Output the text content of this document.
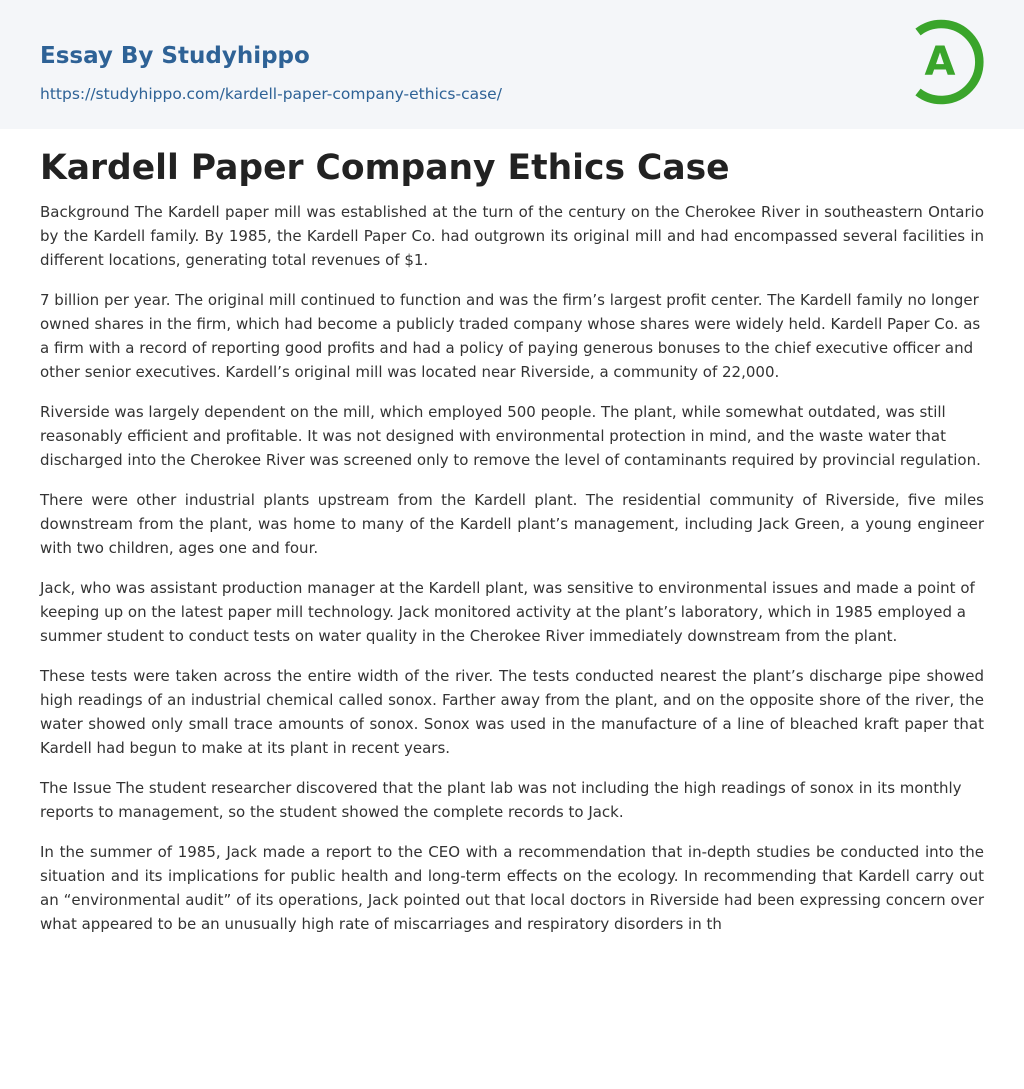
Essay By Studyhippo
https://studyhippo.com/kardell-paper-company-ethics-case/
A
Kardell Paper Company Ethics Case

Background The Kardell paper mill was established at the turn of the century on the Cherokee River in southeastern Ontario by the Kardell family. By 1985, the Kardell Paper Co. had outgrown its original mill and had encompassed several facilities in different locations, generating total revenues of $1.

7 billion per year. The original mill continued to function and was the firm’s largest profit center. The Kardell family no longer owned shares in the firm, which had become a publicly traded company whose shares were widely held. Kardell Paper Co. as a firm with a record of reporting good profits and had a policy of paying generous bonuses to the chief executive officer and other senior executives. Kardell’s original mill was located near Riverside, a community of 22,000.

Riverside was largely dependent on the mill, which employed 500 people. The plant, while somewhat outdated, was still reasonably efficient and profitable. It was not designed with environmental protection in mind, and the waste water that discharged into the Cherokee River was screened only to remove the level of contaminants required by provincial regulation.

There were other industrial plants upstream from the Kardell plant. The residential community of Riverside, five miles downstream from the plant, was home to many of the Kardell plant’s management, including Jack Green, a young engineer with two children, ages one and four.

Jack, who was assistant production manager at the Kardell plant, was sensitive to environmental issues and made a point of keeping up on the latest paper mill technology. Jack monitored activity at the plant’s laboratory, which in 1985 employed a summer student to conduct tests on water quality in the Cherokee River immediately downstream from the plant.

These tests were taken across the entire width of the river. The tests conducted nearest the plant’s discharge pipe showed high readings of an industrial chemical called sonox. Farther away from the plant, and on the opposite shore of the river, the water showed only small trace amounts of sonox. Sonox was used in the manufacture of a line of bleached kraft paper that Kardell had begun to make at its plant in recent years.

The Issue The student researcher discovered that the plant lab was not including the high readings of sonox in its monthly reports to management, so the student showed the complete records to Jack.

In the summer of 1985, Jack made a report to the CEO with a recommendation that in-depth studies be conducted into the situation and its implications for public health and long-term effects on the ecology. In recommending that Kardell carry out an “environmental audit” of its operations, Jack pointed out that local doctors in Riverside had been expressing concern over what appeared to be an unusually high rate of miscarriages and respiratory disorders in th
